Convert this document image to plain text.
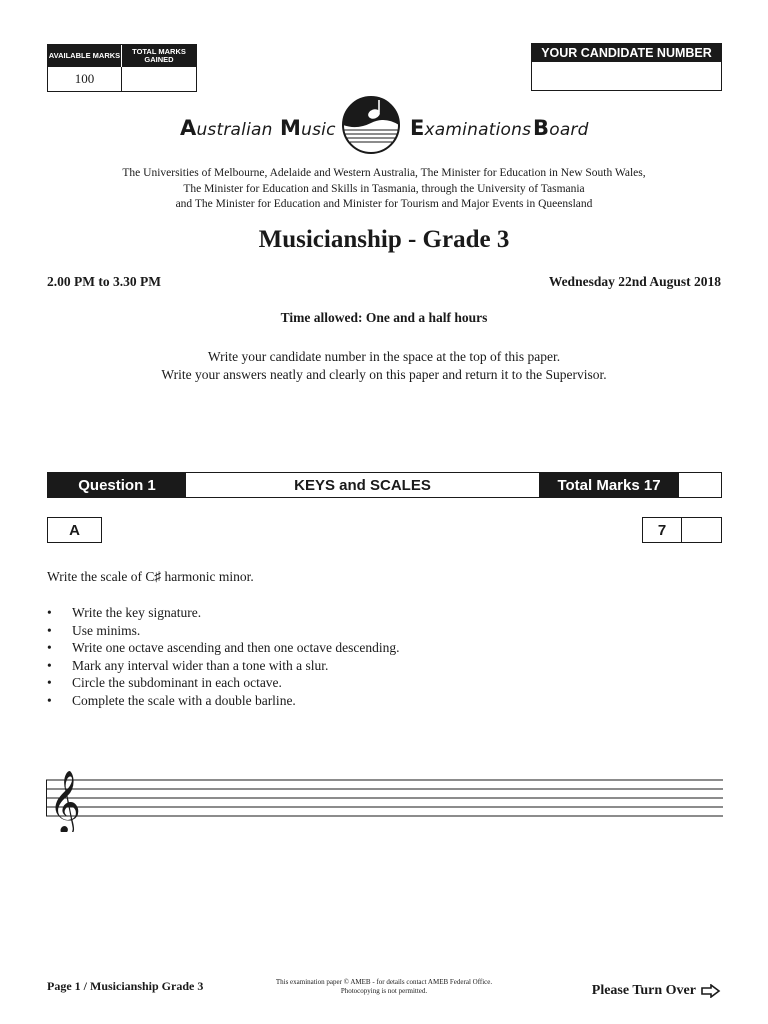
AVAILABLE MARKS	TOTAL MARKS GAINED
100
YOUR CANDIDATE NUMBER
Australian Music	Examinations Board
The Universities of Melbourne, Adelaide and Western Australia, The Minister for Education in New South Wales,
The Minister for Education and Skills in Tasmania, through the University of Tasmania
and The Minister for Education and Minister for Tourism and Major Events in Queensland
Musicianship - Grade 3
2.00 PM to 3.30 PM	Wednesday 22nd August 2018
Time allowed: One and a half hours
Write your candidate number in the space at the top of this paper.
Write your answers neatly and clearly on this paper and return it to the Supervisor.
Question 1	KEYS and SCALES	Total Marks 17
A	7
Write the scale of C♯ harmonic minor.
• Write the key signature.
• Use minims.
• Write one octave ascending and then one octave descending.
• Mark any interval wider than a tone with a slur.
• Circle the subdominant in each octave.
• Complete the scale with a double barline.
𝄞
Page 1 / Musicianship Grade 3	This examination paper © AMEB - for details contact AMEB Federal Office.
Photocopying is not permitted.	Please Turn Over
